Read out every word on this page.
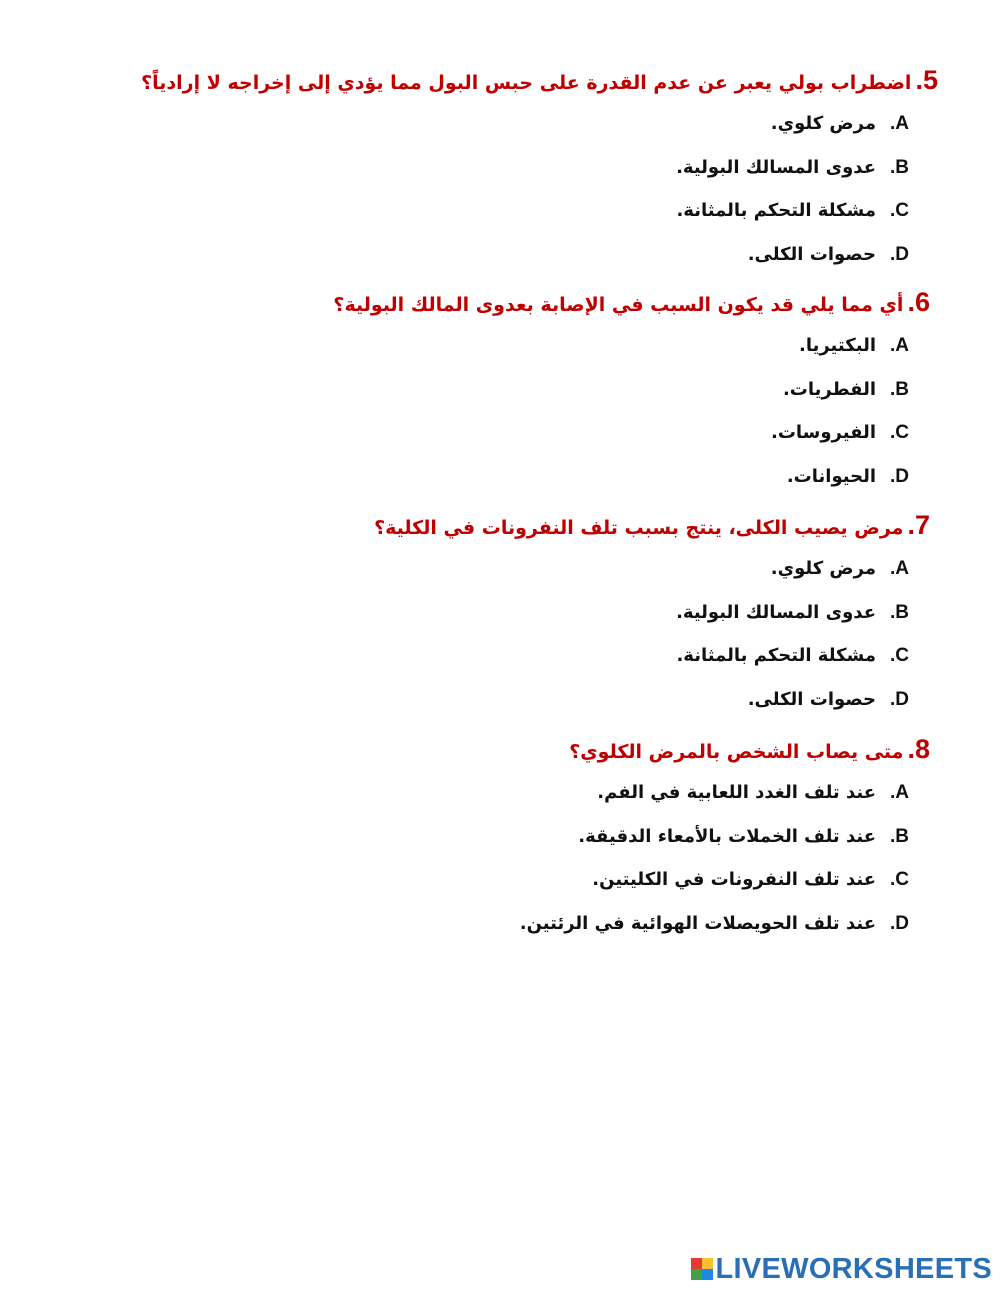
5.اضطراب بولي يعبر عن عدم القدرة على حبس البول مما يؤدي إلى إخراجه لا إرادياً؟
A.مرض كلوي.
B.عدوى المسالك البولية.
C.مشكلة التحكم بالمثانة.
D.حصوات الكلى.
6.أي مما يلي قد يكون السبب في الإصابة بعدوى المالك البولية؟
A.البكتيريا.
B.الفطريات.
C.الفيروسات.
D.الحيوانات.
7.مرض يصيب الكلى، ينتج بسبب تلف النفرونات في الكلية؟
A.مرض كلوي.
B.عدوى المسالك البولية.
C.مشكلة التحكم بالمثانة.
D.حصوات الكلى.
8.متى يصاب الشخص بالمرض الكلوي؟
A.عند تلف الغدد اللعابية في الفم.
B.عند تلف الخملات بالأمعاء الدقيقة.
C.عند تلف النفرونات في الكليتين.
D.عند تلف الحويصلات الهوائية في الرئتين.
LIVEWORKSHEETS
